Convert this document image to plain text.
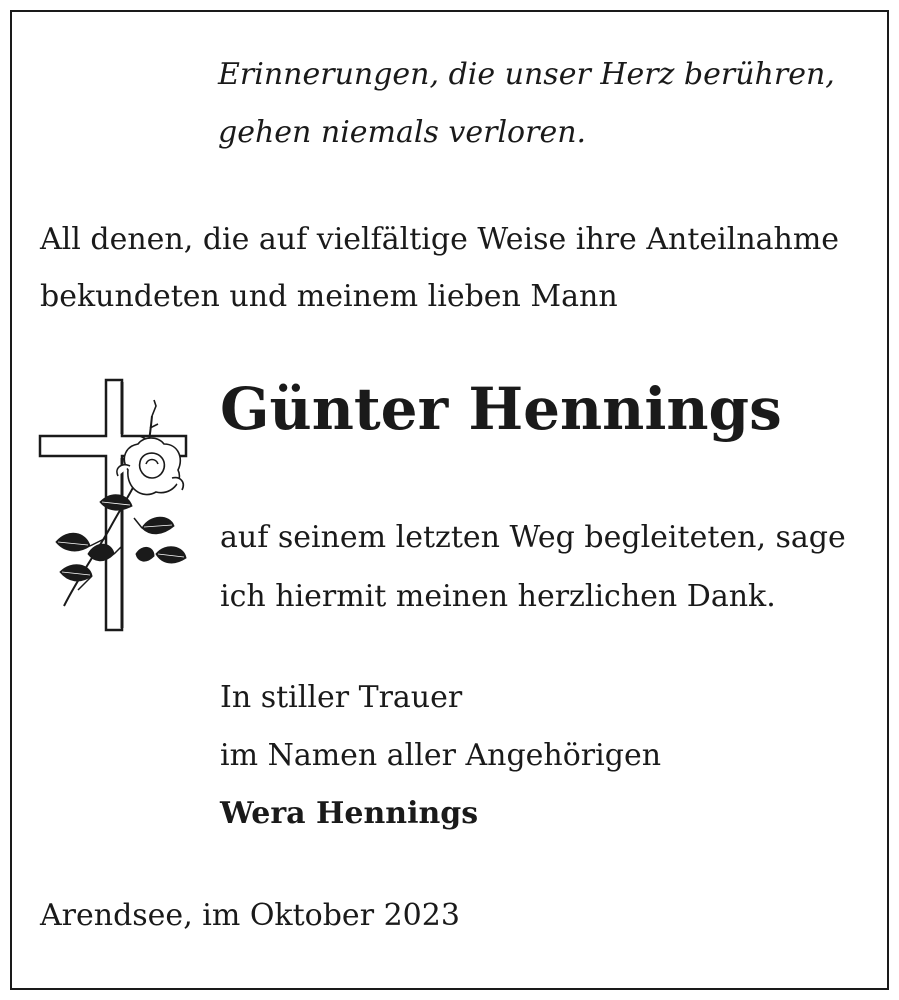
Erinnerungen, die unser Herz berühren,
gehen niemals verloren.
All denen, die auf vielfältige Weise ihre Anteilnahme
bekundeten und meinem lieben Mann
Günter Hennings
auf seinem letzten Weg begleiteten, sage
ich hiermit meinen herzlichen Dank.
In stiller Trauer
im Namen aller Angehörigen
Wera Hennings
Arendsee, im Oktober 2023
